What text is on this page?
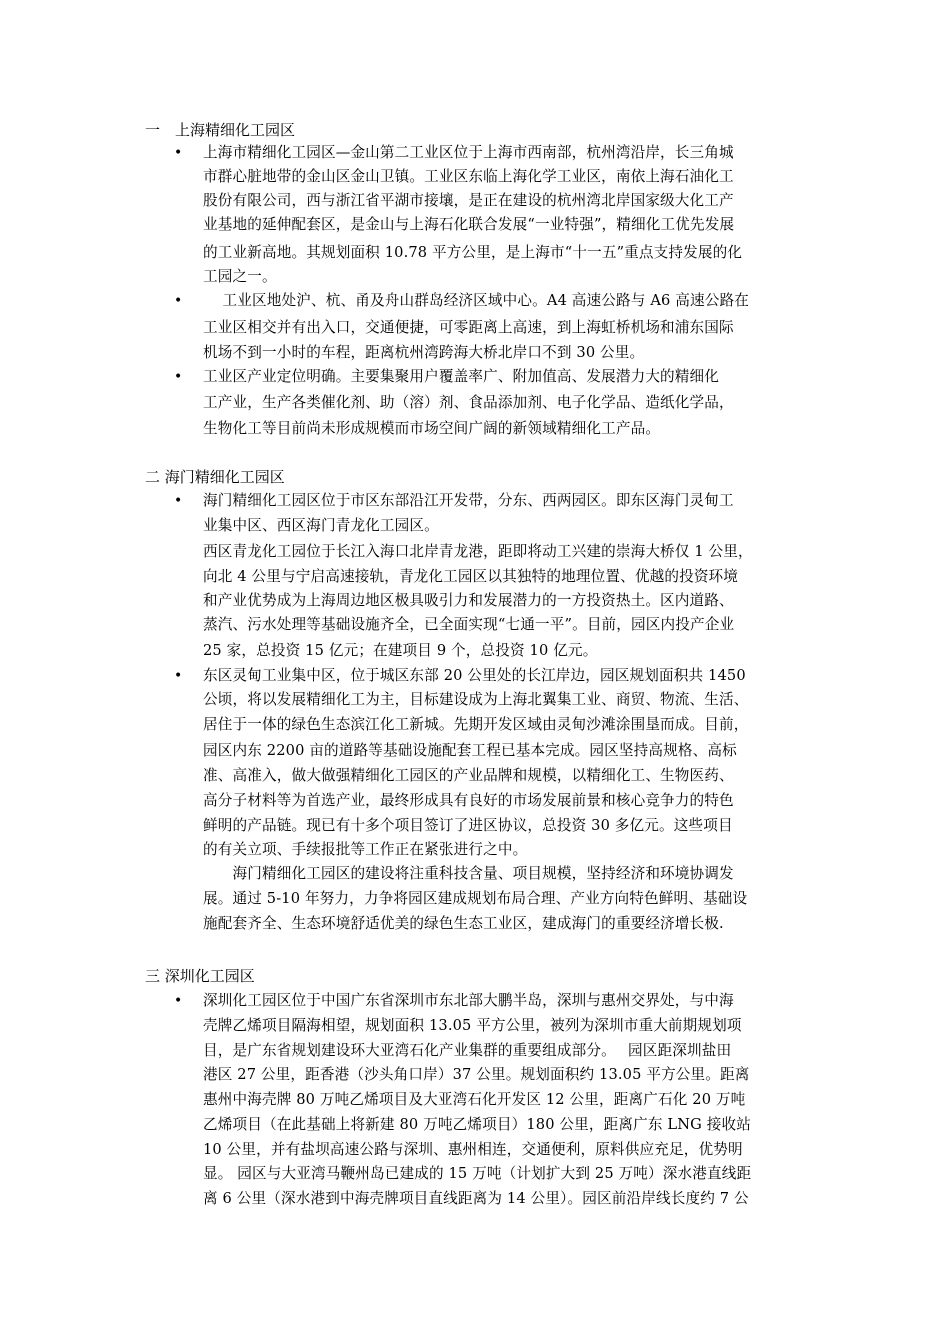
一　上海精细化工园区
• 上海市精细化工园区—金山第二工业区位于上海市西南部，杭州湾沿岸，长三角城
市群心脏地带的金山区金山卫镇。工业区东临上海化学工业区，南依上海石油化工
股份有限公司，西与浙江省平湖市接壤，是正在建设的杭州湾北岸国家级大化工产
业基地的延伸配套区，是金山与上海石化联合发展“一业特强”，精细化工优先发展
的工业新高地。其规划面积 10.78 平方公里，是上海市“十一五”重点支持发展的化
工园之一。
• 　 工业区地处沪、杭、甬及舟山群岛经济区域中心。A4 高速公路与 A6 高速公路在
工业区相交并有出入口，交通便捷，可零距离上高速，到上海虹桥机场和浦东国际
机场不到一小时的车程，距离杭州湾跨海大桥北岸口不到 30 公里。
• 工业区产业定位明确。主要集聚用户覆盖率广、附加值高、发展潜力大的精细化
工产业，生产各类催化剂、助（溶）剂、食品添加剂、电子化学品、造纸化学品，
生物化工等目前尚未形成规模而市场空间广阔的新领域精细化工产品。
二 海门精细化工园区
• 海门精细化工园区位于市区东部沿江开发带，分东、西两园区。即东区海门灵甸工
业集中区、西区海门青龙化工园区。
西区青龙化工园位于长江入海口北岸青龙港，距即将动工兴建的崇海大桥仅 1 公里，
向北 4 公里与宁启高速接轨，青龙化工园区以其独特的地理位置、优越的投资环境
和产业优势成为上海周边地区极具吸引力和发展潜力的一方投资热土。区内道路、
蒸汽、污水处理等基础设施齐全，已全面实现“七通一平”。目前，园区内投产企业
25 家，总投资 15 亿元；在建项目 9 个，总投资 10 亿元。
• 东区灵甸工业集中区，位于城区东部 20 公里处的长江岸边，园区规划面积共 1450
公顷，将以发展精细化工为主，目标建设成为上海北翼集工业、商贸、物流、生活、
居住于一体的绿色生态滨江化工新城。先期开发区域由灵甸沙滩涂围垦而成。目前，
园区内东 2200 亩的道路等基础设施配套工程已基本完成。园区坚持高规格、高标
准、高准入，做大做强精细化工园区的产业品牌和规模，以精细化工、生物医药、
高分子材料等为首选产业，最终形成具有良好的市场发展前景和核心竞争力的特色
鲜明的产品链。现已有十多个项目签订了进区协议，总投资 30 多亿元。这些项目
的有关立项、手续报批等工作正在紧张进行之中。
　　海门精细化工园区的建设将注重科技含量、项目规模，坚持经济和环境协调发
展。通过 5-10 年努力，力争将园区建成规划布局合理、产业方向特色鲜明、基础设
施配套齐全、生态环境舒适优美的绿色生态工业区，建成海门的重要经济增长极.
三 深圳化工园区
• 深圳化工园区位于中国广东省深圳市东北部大鹏半岛，深圳与惠州交界处，与中海
壳牌乙烯项目隔海相望，规划面积 13.05 平方公里，被列为深圳市重大前期规划项
目，是广东省规划建设环大亚湾石化产业集群的重要组成部分。　 园区距深圳盐田
港区 27 公里，距香港（沙头角口岸）37 公里。规划面积约 13.05 平方公里。距离
惠州中海壳牌 80 万吨乙烯项目及大亚湾石化开发区 12 公里，距离广石化 20 万吨
乙烯项目（在此基础上将新建 80 万吨乙烯项目）180 公里，距离广东 LNG 接收站
10 公里，并有盐坝高速公路与深圳、惠州相连，交通便利，原料供应充足，优势明
显。 园区与大亚湾马鞭州岛已建成的 15 万吨（计划扩大到 25 万吨）深水港直线距
离 6 公里（深水港到中海壳牌项目直线距离为 14 公里）。园区前沿岸线长度约 7 公
